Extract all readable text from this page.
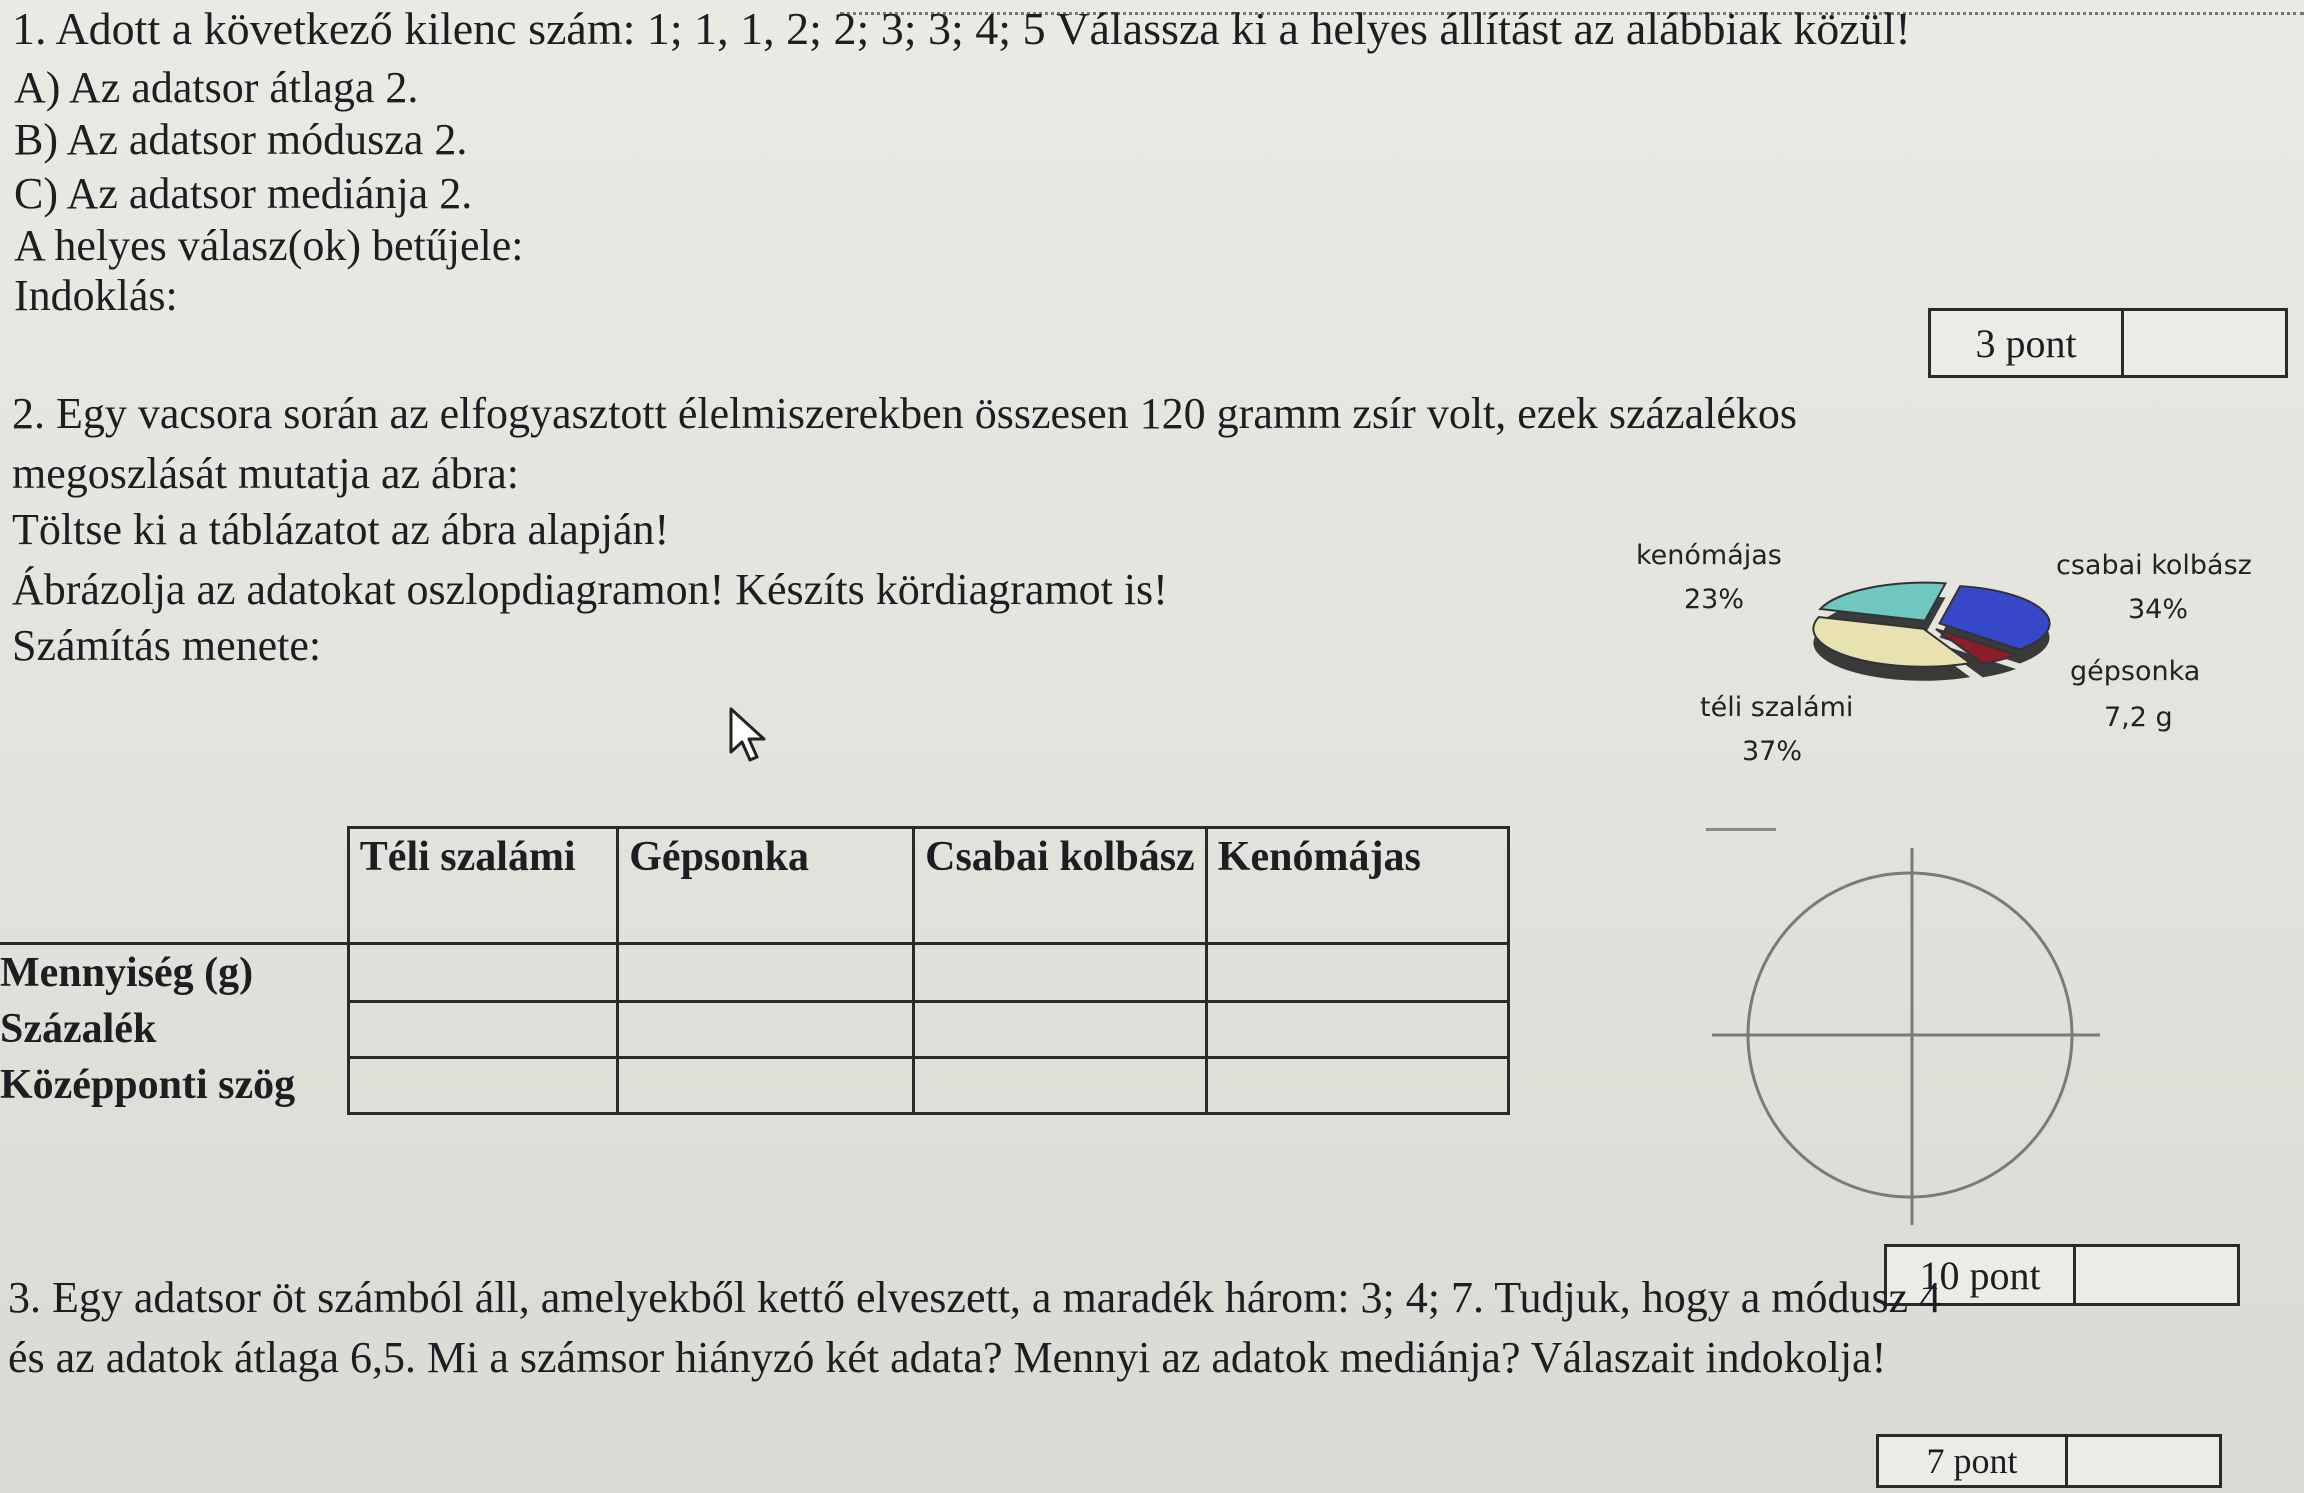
1. Adott a következő kilenc szám: 1; 1, 1, 2; 2; 3; 3; 4; 5 Válassza ki a helyes állítást az alábbiak közül!
A) Az adatsor átlaga 2.
B) Az adatsor módusza 2.
C) Az adatsor mediánja 2.
A helyes válasz(ok) betűjele:
Indoklás:
3 pont
2. Egy vacsora során az elfogyasztott élelmiszerekben összesen 120 gramm zsír volt, ezek százalékos
megoszlását mutatja az ábra:
Töltse ki a táblázatot az ábra alapján!
Ábrázolja az adatokat oszlopdiagramon! Készíts kördiagramot is!
Számítás menete:
kenómájas
23%
csabai kolbász
34%
gépsonka
7,2 g
téli szalámi
37%
	Téli szalámi	Gépsonka	Csabai kolbász	Kenómájas
Mennyiség (g)				
Százalék				
Középponti szög				
10 pont
3. Egy adatsor öt számból áll, amelyekből kettő elveszett, a maradék három: 3; 4; 7. Tudjuk, hogy a módusz 4
és az adatok átlaga 6,5. Mi a számsor hiányzó két adata? Mennyi az adatok mediánja? Válaszait indokolja!
7 pont
